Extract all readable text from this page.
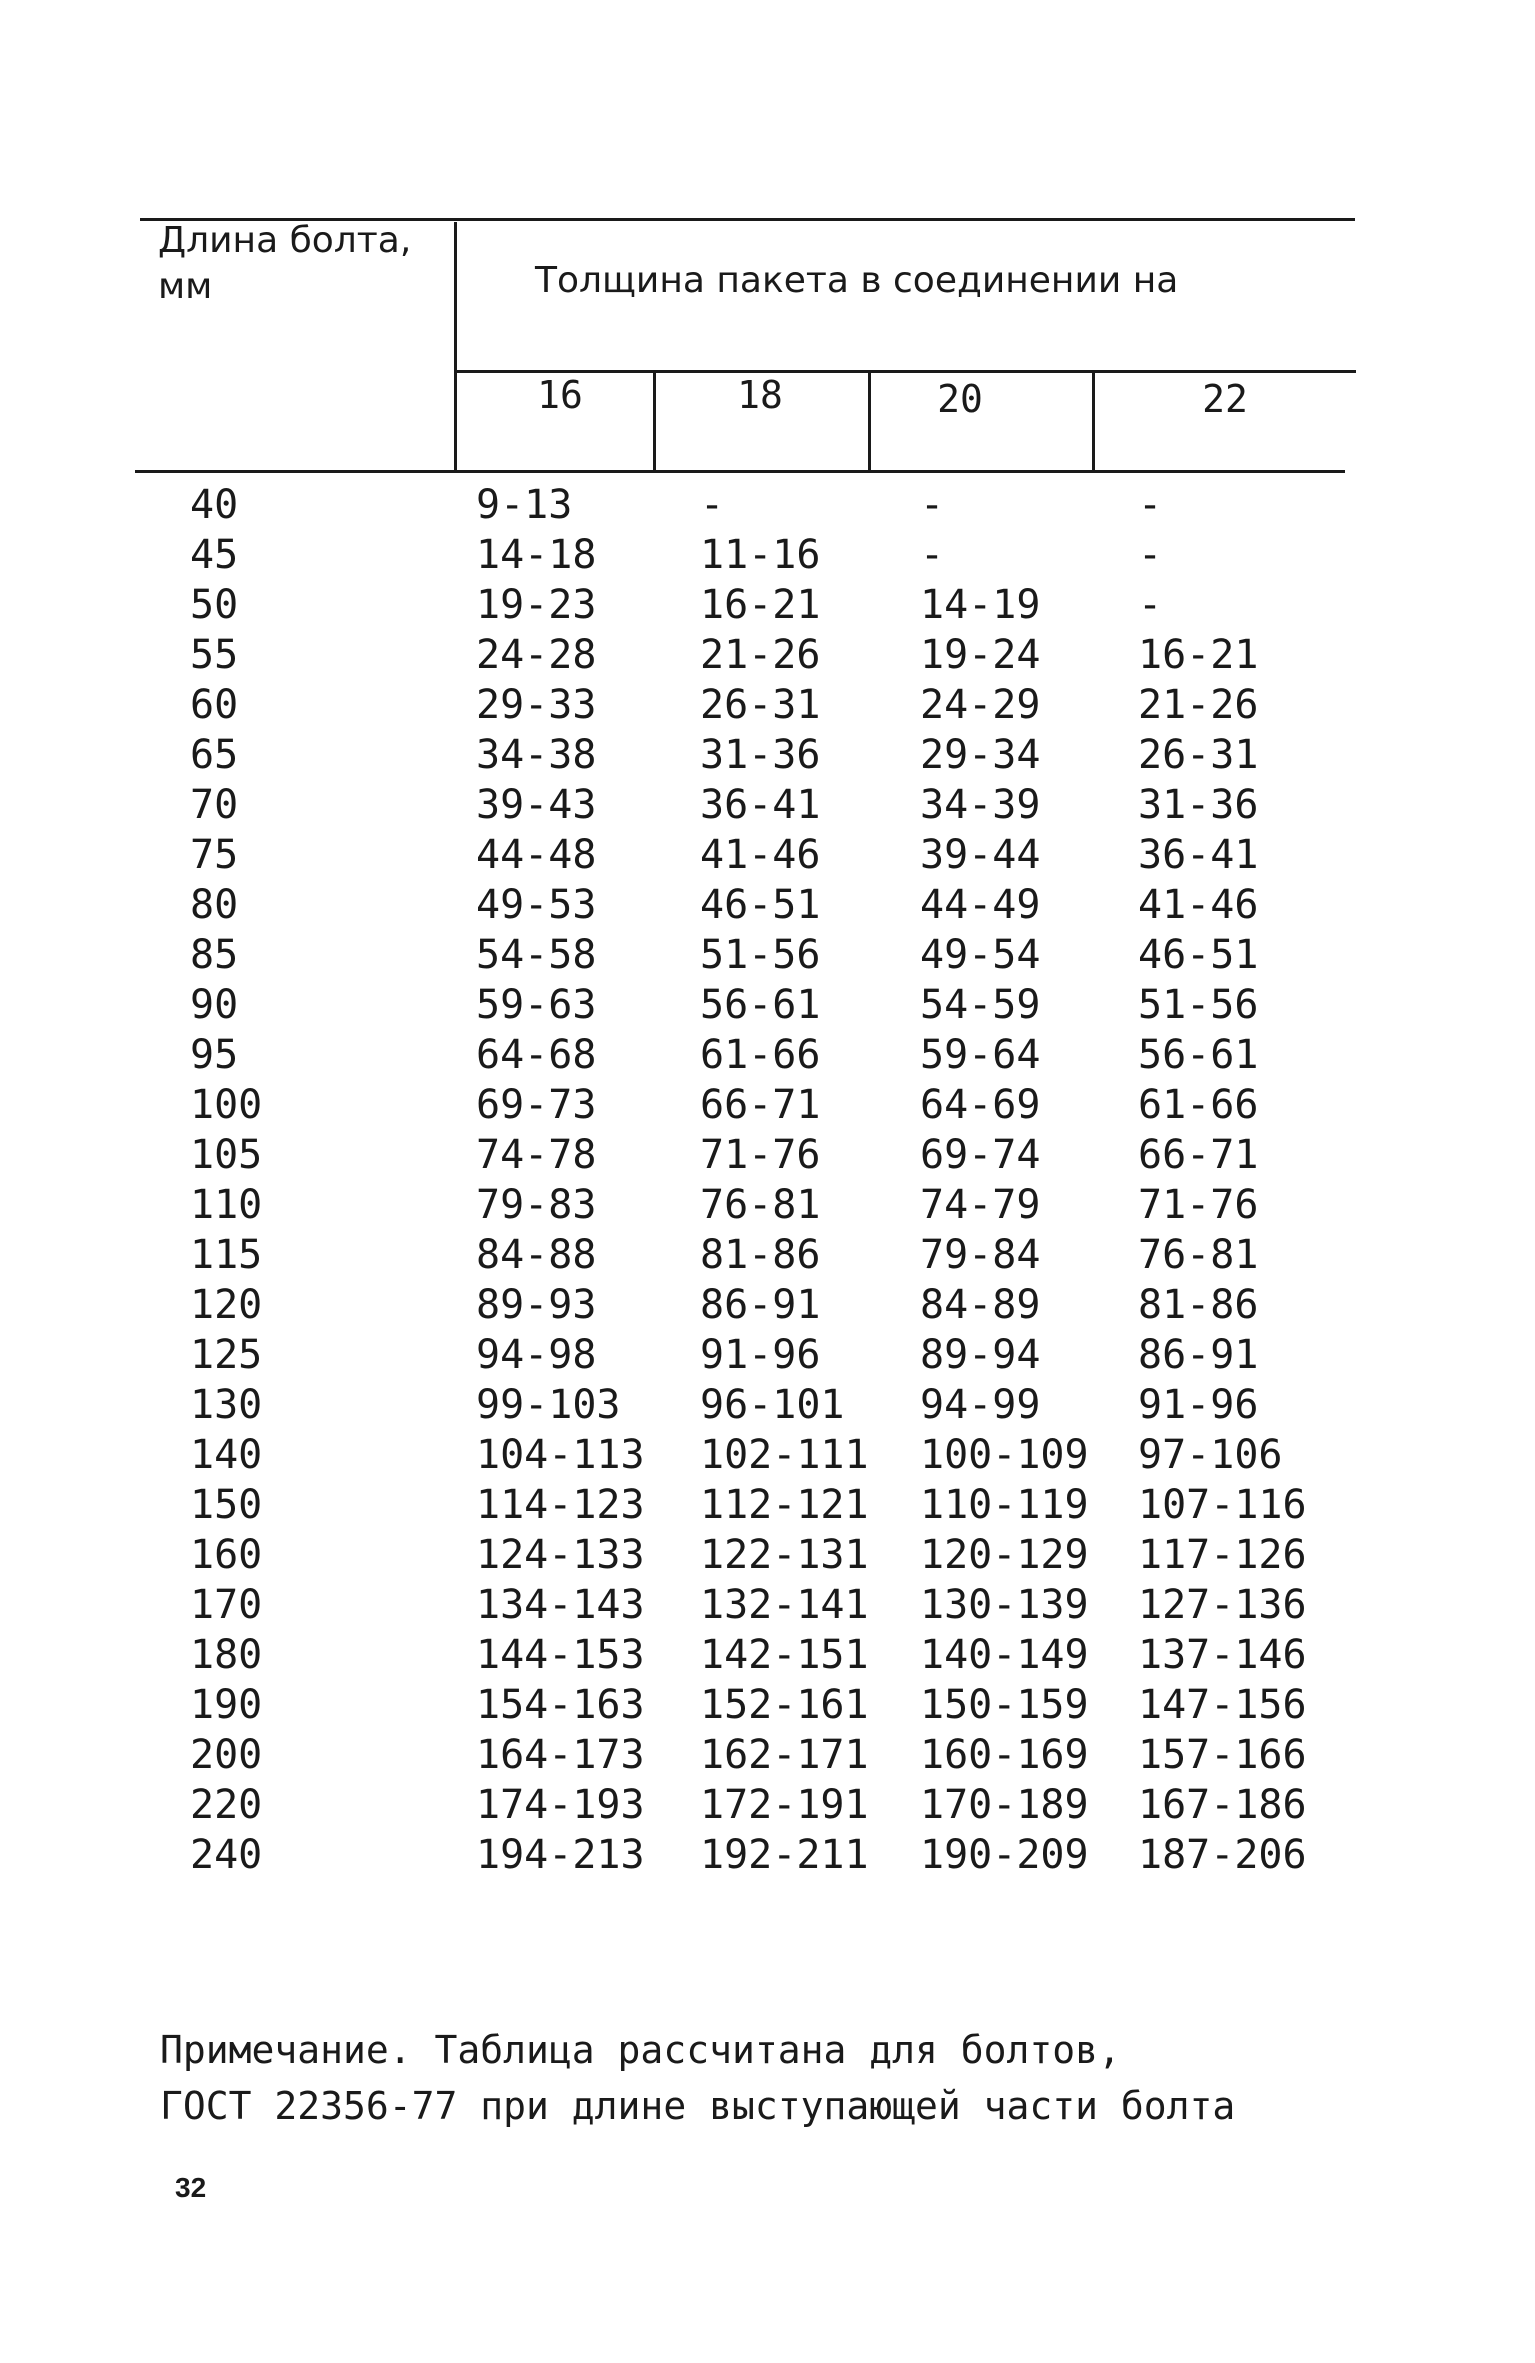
Длина болта, мм	Толщина пакета в соединении на
16	18	20	22
40	9-13	-	-	-
45	14-18	11-16 -	-
50	19-23	16-21 14-19 -
55	24-28	21-26 19-24 16-21
60	29-33	26-31 24-29 21-26
65	34-38	31-36 29-34 26-31
70	39-43	36-41 34-39 31-36
75	44-48	41-46 39-44 36-41
80	49-53	46-51 44-49 41-46
85	54-58	51-56 49-54 46-51
90	59-63	56-61 54-59 51-56
95	64-68	61-66 59-64 56-61
100	69-73	66-71 64-69 61-66
105	74-78	71-76 69-74 66-71
110	79-83	76-81 74-79 71-76
115	84-88	81-86 79-84 76-81
120	89-93	86-91 84-89 81-86
125	94-98	91-96 89-94 86-91
130	99-103 96-101 94-99 91-96
140	104-113 102-111 100-109 97-106
150	114-123 112-121 110-119 107-116
160	124-133 122-131 120-129 117-126
170	134-143 132-141 130-139 127-136
180	144-153 142-151 140-149 137-146
190	154-163 152-161 150-159 147-156
200	164-173 162-171 160-169 157-166
220	174-193 172-191 170-189 167-186
240	194-213 192-211 190-209 187-206
Примечание. Таблица рассчитана для болтов,
ГОСТ 22356-77 при длине выступающей части болта
32
